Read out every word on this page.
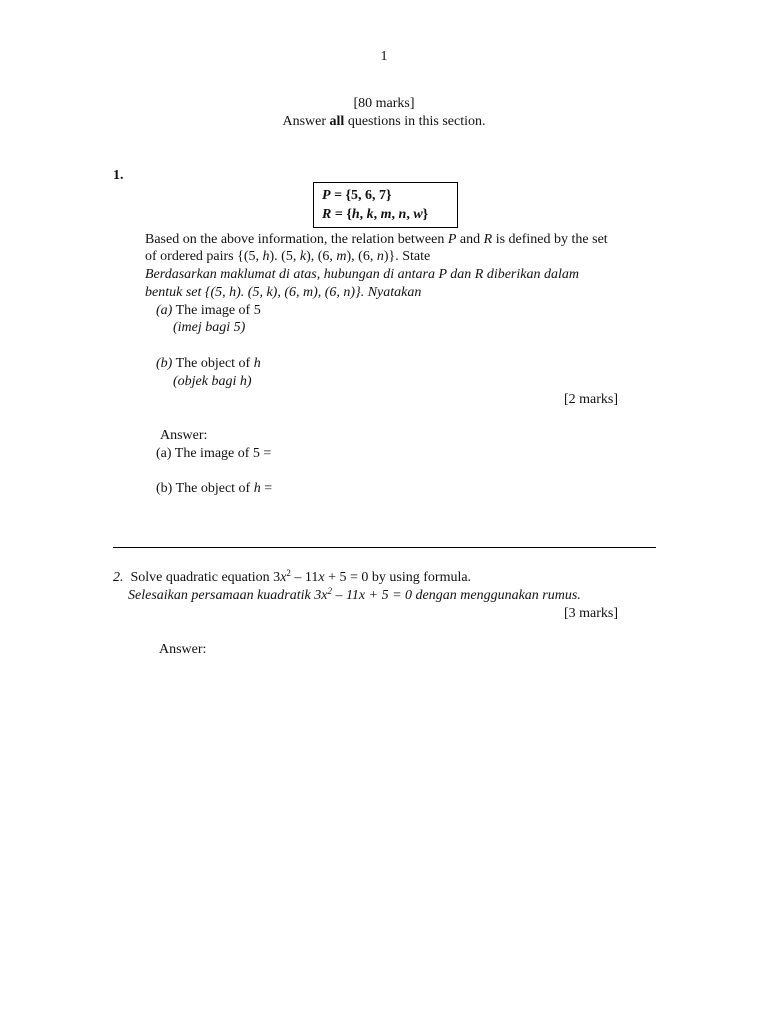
1
[80 marks]
Answer all questions in this section.
1.
P = {5, 6, 7}
R = {h, k, m, n, w}
Based on the above information, the relation between P and R is defined by the set
of ordered pairs {(5, h). (5, k), (6, m), (6, n)}. State
Berdasarkan maklumat di atas, hubungan di antara P dan R diberikan dalam
bentuk set {(5, h). (5, k), (6, m), (6, n)}. Nyatakan
(a) The image of 5
(imej bagi 5)
(b) The object of h
(objek bagi h)
[2 marks]
Answer:
(a) The image of 5 =
(b) The object of h =
2.  Solve quadratic equation $3x^2 - 11x + 5 = 0$ by using formula.
Selesaikan persamaan kuadratik $3x^2 - 11x + 5 = 0$ dengan menggunakan rumus.
[3 marks]
Answer:
